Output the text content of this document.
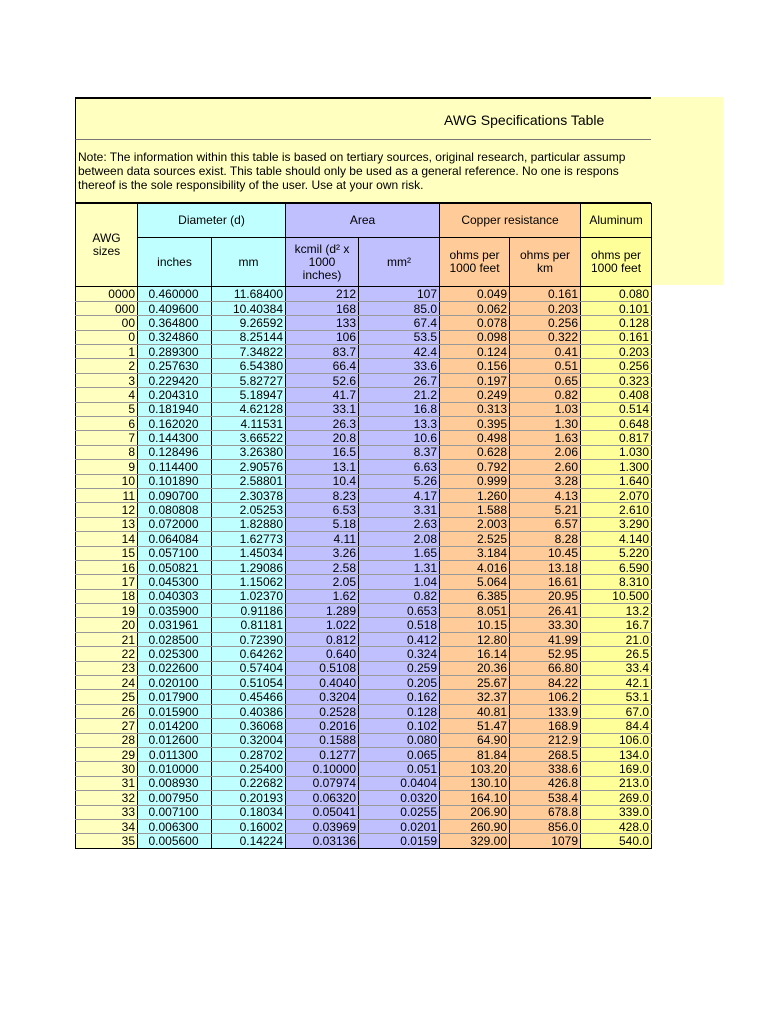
AWG Specifications Table
Note: The information within this table is based on tertiary sources, original research, particular assump
between data sources exist. This table should only be used as a general reference. No one is respons
thereof is the sole responsibility of the user. Use at your own risk.
AWG sizes	Diameter (d)		Area		Copper resistance		Aluminum
	inches	mm	kcmil (d² x 1000 inches)	mm²	ohms per 1000 feet	ohms per km	ohms per 1000 feet
0000	0.460000	11.68400	212	107	0.049	0.161	0.080
000	0.409600	10.40384	168	85.0	0.062	0.203	0.101
00	0.364800	9.26592	133	67.4	0.078	0.256	0.128
0	0.324860	8.25144	106	53.5	0.098	0.322	0.161
1	0.289300	7.34822	83.7	42.4	0.124	0.41	0.203
2	0.257630	6.54380	66.4	33.6	0.156	0.51	0.256
3	0.229420	5.82727	52.6	26.7	0.197	0.65	0.323
4	0.204310	5.18947	41.7	21.2	0.249	0.82	0.408
5	0.181940	4.62128	33.1	16.8	0.313	1.03	0.514
6	0.162020	4.11531	26.3	13.3	0.395	1.30	0.648
7	0.144300	3.66522	20.8	10.6	0.498	1.63	0.817
8	0.128496	3.26380	16.5	8.37	0.628	2.06	1.030
9	0.114400	2.90576	13.1	6.63	0.792	2.60	1.300
10	0.101890	2.58801	10.4	5.26	0.999	3.28	1.640
11	0.090700	2.30378	8.23	4.17	1.260	4.13	2.070
12	0.080808	2.05253	6.53	3.31	1.588	5.21	2.610
13	0.072000	1.82880	5.18	2.63	2.003	6.57	3.290
14	0.064084	1.62773	4.11	2.08	2.525	8.28	4.140
15	0.057100	1.45034	3.26	1.65	3.184	10.45	5.220
16	0.050821	1.29086	2.58	1.31	4.016	13.18	6.590
17	0.045300	1.15062	2.05	1.04	5.064	16.61	8.310
18	0.040303	1.02370	1.62	0.82	6.385	20.95	10.500
19	0.035900	0.91186	1.289	0.653	8.051	26.41	13.2
20	0.031961	0.81181	1.022	0.518	10.15	33.30	16.7
21	0.028500	0.72390	0.812	0.412	12.80	41.99	21.0
22	0.025300	0.64262	0.640	0.324	16.14	52.95	26.5
23	0.022600	0.57404	0.5108	0.259	20.36	66.80	33.4
24	0.020100	0.51054	0.4040	0.205	25.67	84.22	42.1
25	0.017900	0.45466	0.3204	0.162	32.37	106.2	53.1
26	0.015900	0.40386	0.2528	0.128	40.81	133.9	67.0
27	0.014200	0.36068	0.2016	0.102	51.47	168.9	84.4
28	0.012600	0.32004	0.1588	0.080	64.90	212.9	106.0
29	0.011300	0.28702	0.1277	0.065	81.84	268.5	134.0
30	0.010000	0.25400	0.10000	0.051	103.20	338.6	169.0
31	0.008930	0.22682	0.07974	0.0404	130.10	426.8	213.0
32	0.007950	0.20193	0.06320	0.0320	164.10	538.4	269.0
33	0.007100	0.18034	0.05041	0.0255	206.90	678.8	339.0
34	0.006300	0.16002	0.03969	0.0201	260.90	856.0	428.0
35	0.005600	0.14224	0.03136	0.0159	329.00	1079	540.0
